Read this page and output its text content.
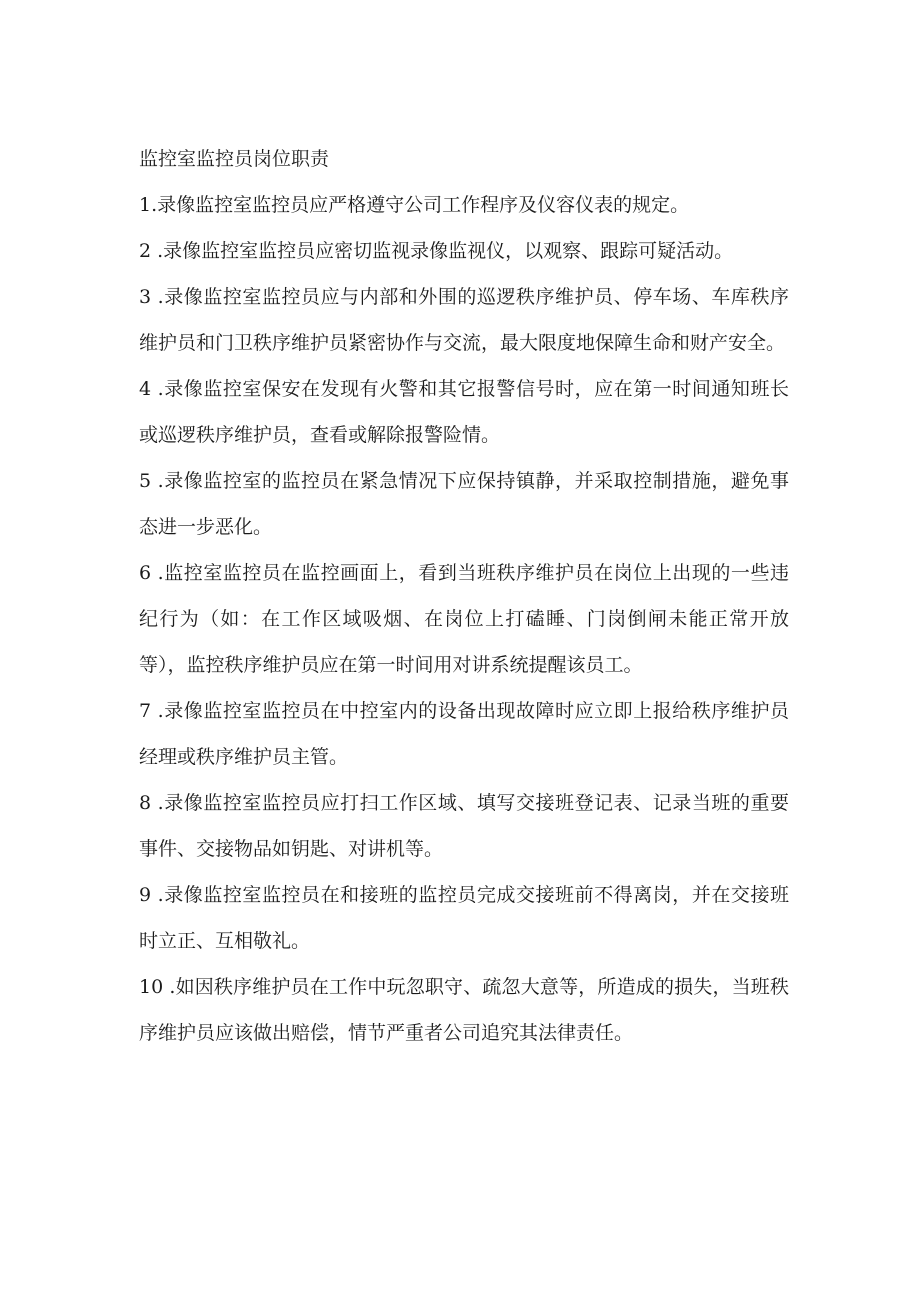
监控室监控员岗位职责

1.录像监控室监控员应严格遵守公司工作程序及仪容仪表的规定。

2 .录像监控室监控员应密切监视录像监视仪，以观察、跟踪可疑活动。

3 .录像监控室监控员应与内部和外围的巡逻秩序维护员、停车场、车库秩序维护员和门卫秩序维护员紧密协作与交流，最大限度地保障生命和财产安全。

4 .录像监控室保安在发现有火警和其它报警信号时，应在第一时间通知班长或巡逻秩序维护员，查看或解除报警险情。

5 .录像监控室的监控员在紧急情况下应保持镇静，并采取控制措施，避免事态进一步恶化。

6 .监控室监控员在监控画面上，看到当班秩序维护员在岗位上出现的一些违纪行为（如：在工作区域吸烟、在岗位上打磕睡、门岗倒闸未能正常开放等），监控秩序维护员应在第一时间用对讲系统提醒该员工。

7 .录像监控室监控员在中控室内的设备出现故障时应立即上报给秩序维护员经理或秩序维护员主管。

8 .录像监控室监控员应打扫工作区域、填写交接班登记表、记录当班的重要事件、交接物品如钥匙、对讲机等。

9 .录像监控室监控员在和接班的监控员完成交接班前不得离岗，并在交接班时立正、互相敬礼。

10 .如因秩序维护员在工作中玩忽职守、疏忽大意等，所造成的损失，当班秩序维护员应该做出赔偿，情节严重者公司追究其法律责任。
